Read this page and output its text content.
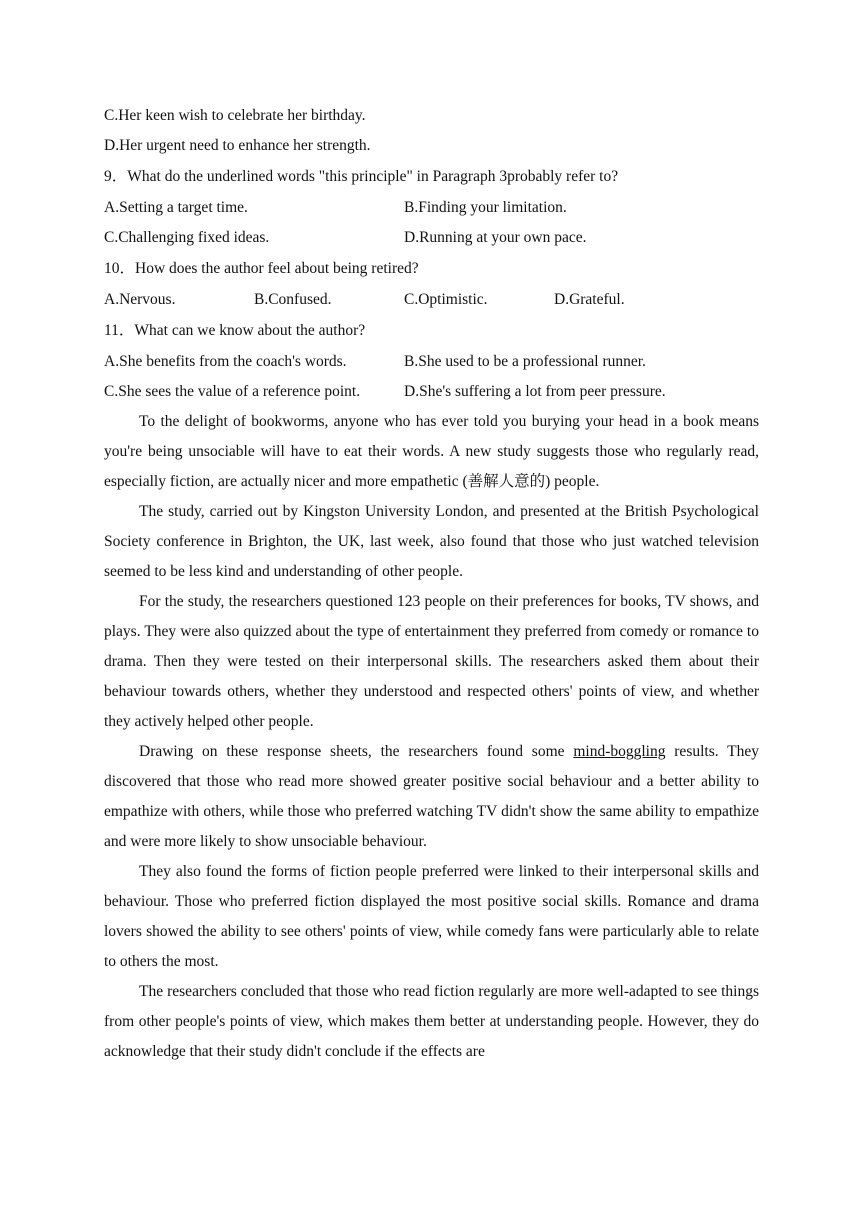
C.Her keen wish to celebrate her birthday.
D.Her urgent need to enhance her strength.
9．What do the underlined words "this principle" in Paragraph 3probably refer to?
A.Setting a target time.	B.Finding your limitation.
C.Challenging fixed ideas.	D.Running at your own pace.
10．How does the author feel about being retired?
A.Nervous.	B.Confused.	C.Optimistic.	D.Grateful.
11．What can we know about the author?
A.She benefits from the coach's words.	B.She used to be a professional runner.
C.She sees the value of a reference point.	D.She's suffering a lot from peer pressure.

To the delight of bookworms, anyone who has ever told you burying your head in a book means you're being unsociable will have to eat their words. A new study suggests those who regularly read, especially fiction, are actually nicer and more empathetic (善解人意的) people.

The study, carried out by Kingston University London, and presented at the British Psychological Society conference in Brighton, the UK, last week, also found that those who just watched television seemed to be less kind and understanding of other people.

For the study, the researchers questioned 123 people on their preferences for books, TV shows, and plays. They were also quizzed about the type of entertainment they preferred from comedy or romance to drama. Then they were tested on their interpersonal skills. The researchers asked them about their behaviour towards others, whether they understood and respected others' points of view, and whether they actively helped other people.

Drawing on these response sheets, the researchers found some mind-boggling results. They discovered that those who read more showed greater positive social behaviour and a better ability to empathize with others, while those who preferred watching TV didn't show the same ability to empathize and were more likely to show unsociable behaviour.

They also found the forms of fiction people preferred were linked to their interpersonal skills and behaviour. Those who preferred fiction displayed the most positive social skills. Romance and drama lovers showed the ability to see others' points of view, while comedy fans were particularly able to relate to others the most.

The researchers concluded that those who read fiction regularly are more well-adapted to see things from other people's points of view, which makes them better at understanding people. However, they do acknowledge that their study didn't conclude if the effects are
